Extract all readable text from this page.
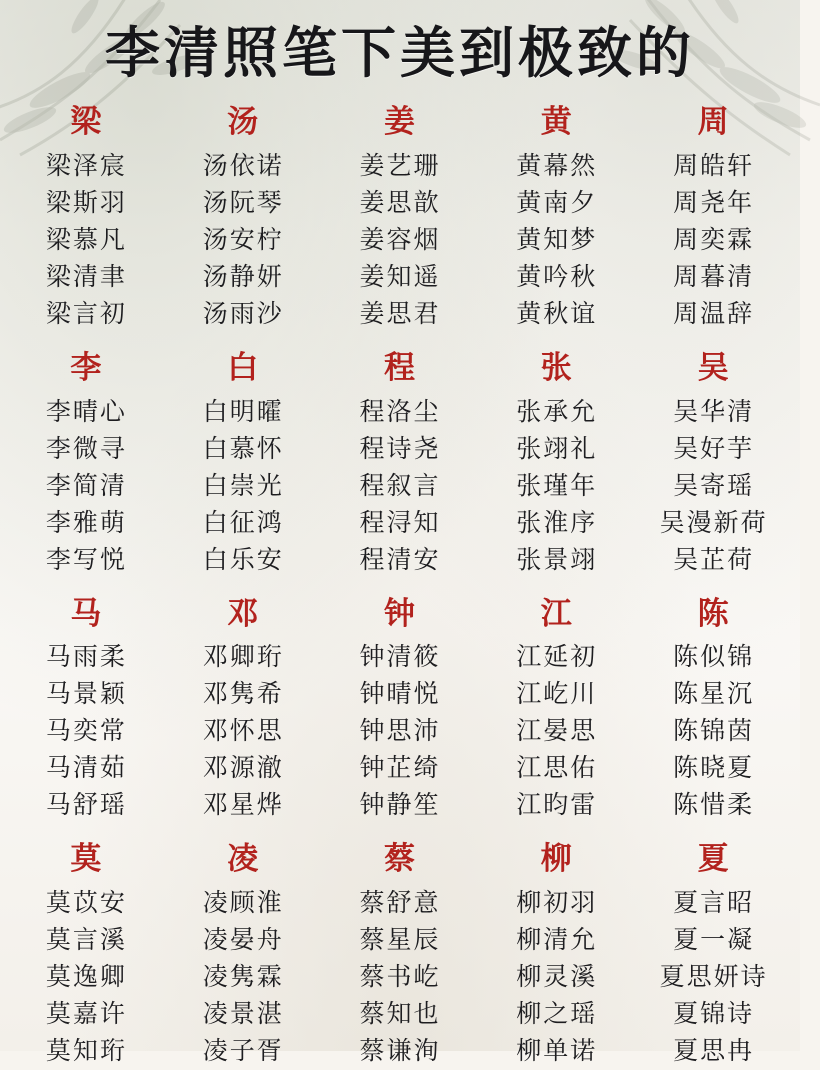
李清照笔下美到极致的
梁
梁泽宸
梁斯羽
梁慕凡
梁清聿
梁言初
汤
汤依诺
汤阮琴
汤安柠
汤静妍
汤雨沙
姜
姜艺珊
姜思歆
姜容烟
姜知遥
姜思君
黄
黄幕然
黄南夕
黄知梦
黄吟秋
黄秋谊
周
周皓轩
周尧年
周奕霖
周暮清
周温辞
李
李晴心
李微寻
李简清
李雅萌
李写悦
白
白明曤
白慕怀
白崇光
白征鸿
白乐安
程
程洛尘
程诗尧
程叙言
程浔知
程清安
张
张承允
张翊礼
张瑾年
张淮序
张景翊
吴
吴华清
吴好芋
吴寄瑶
吴漫新荷
吴芷荷
马
马雨柔
马景颖
马奕常
马清茹
马舒瑶
邓
邓卿珩
邓隽希
邓怀思
邓源澈
邓星烨
钟
钟清筱
钟晴悦
钟思沛
钟芷绮
钟静笙
江
江延初
江屹川
江晏思
江思佑
江昀雷
陈
陈似锦
陈星沉
陈锦茵
陈晓夏
陈惜柔
莫
莫苡安
莫言溪
莫逸卿
莫嘉许
莫知珩
凌
凌顾淮
凌晏舟
凌隽霖
凌景湛
凌子胥
蔡
蔡舒意
蔡星辰
蔡书屹
蔡知也
蔡谦洵
柳
柳初羽
柳清允
柳灵溪
柳之瑶
柳单诺
夏
夏言昭
夏一凝
夏思妍诗
夏锦诗
夏思冉
